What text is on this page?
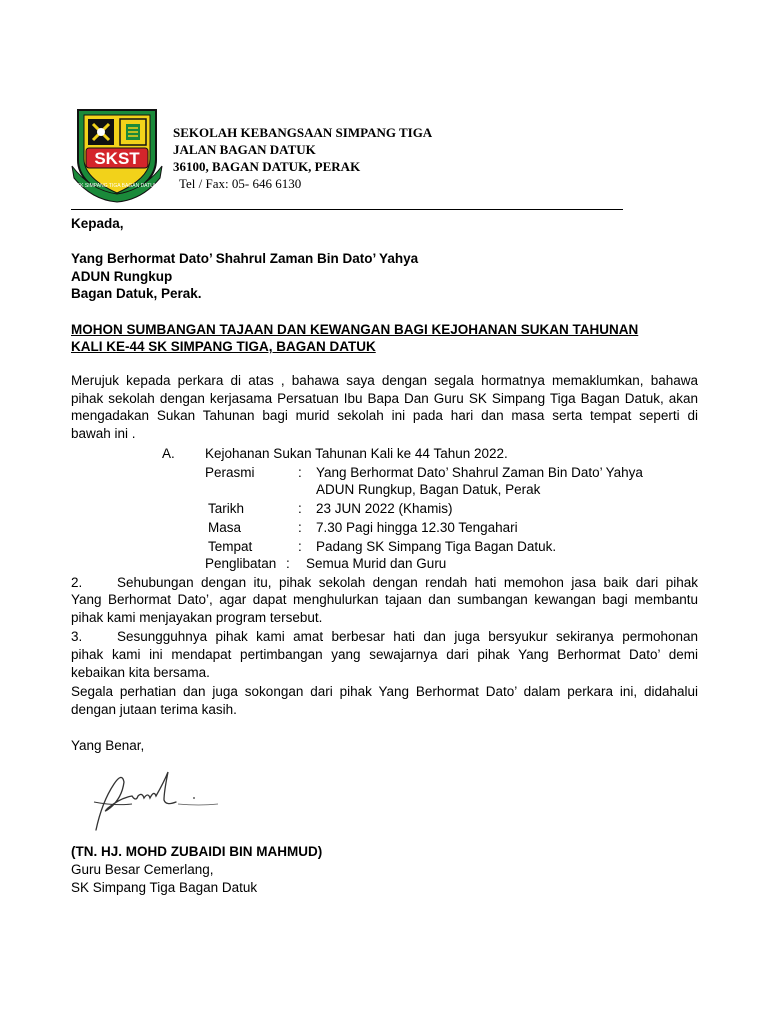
SKST
SK SIMPANG TIGA BAGAN DATUK
SEKOLAH KEBANGSAAN SIMPANG TIGA
JALAN BAGAN DATUK
36100, BAGAN DATUK, PERAK
Tel / Fax: 05- 646 6130
Kepada,
Yang Berhormat Dato’ Shahrul Zaman Bin Dato’ Yahya
ADUN Rungkup
Bagan Datuk, Perak.
MOHON SUMBANGAN TAJAAN DAN KEWANGAN BAGI KEJOHANAN SUKAN TAHUNAN
KALI KE-44 SK SIMPANG TIGA, BAGAN DATUK
Merujuk kepada perkara di atas , bahawa saya dengan segala hormatnya memaklumkan, bahawa
pihak sekolah dengan kerjasama Persatuan Ibu Bapa Dan Guru SK Simpang Tiga Bagan Datuk, akan
mengadakan Sukan Tahunan bagi murid sekolah ini pada hari dan masa serta tempat seperti di
bawah ini .
A. Kejohanan Sukan Tahunan Kali ke 44 Tahun 2022.
Perasmi	: Yang Berhormat Dato’ Shahrul Zaman Bin Dato’ Yahya
ADUN Rungkup, Bagan Datuk, Perak
Tarikh	: 23 JUN 2022 (Khamis)
Masa	: 7.30 Pagi hingga 12.30 Tengahari
Tempat	: Padang SK Simpang Tiga Bagan Datuk.
Penglibatan : Semua Murid dan Guru
2.	Sehubungan dengan itu, pihak sekolah dengan rendah hati memohon jasa baik dari pihak
Yang Berhormat Dato’, agar dapat menghulurkan tajaan dan sumbangan kewangan bagi membantu
pihak kami menjayakan program tersebut.
3.	Sesungguhnya pihak kami amat berbesar hati dan juga bersyukur sekiranya permohonan
pihak kami ini mendapat pertimbangan yang sewajarnya dari pihak Yang Berhormat Dato’ demi
kebaikan kita bersama.
Segala perhatian dan juga sokongan dari pihak Yang Berhormat Dato’ dalam perkara ini, didahalui
dengan jutaan terima kasih.
Yang Benar,
(TN. HJ. MOHD ZUBAIDI BIN MAHMUD)
Guru Besar Cemerlang,
SK Simpang Tiga Bagan Datuk
